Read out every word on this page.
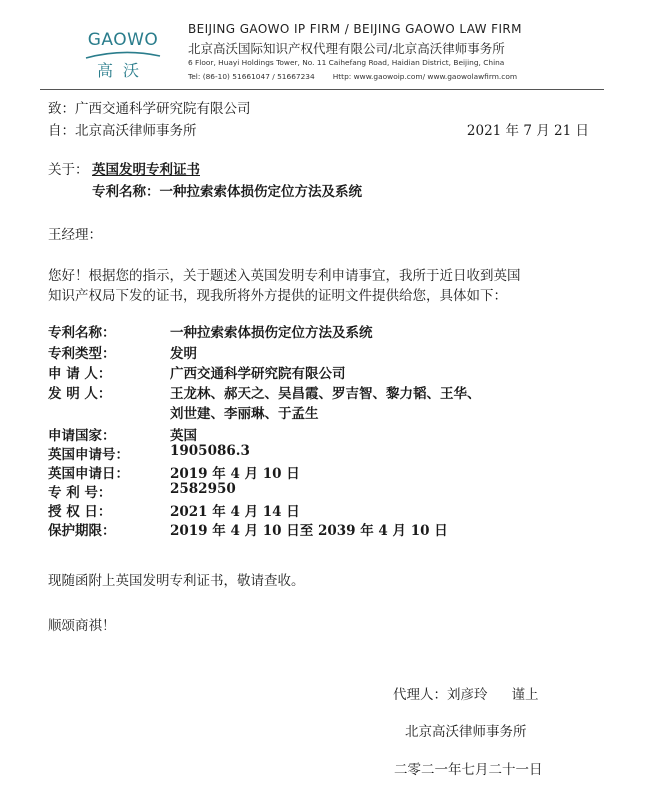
GAOWO
高沃
BEIJING GAOWO IP FIRM / BEIJING GAOWO LAW FIRM
北京高沃国际知识产权代理有限公司/北京高沃律师事务所
6 Floor, Huayi Holdings Tower, No. 11 Caihefang Road, Haidian District, Beijing, China
Tel: (86-10) 51661047 / 51667234 Http: www.gaowoip.com/ www.gaowolawfirm.com
致：广西交通科学研究院有限公司
自：北京高沃律师事务所	2021 年 7 月 21 日
关于： 英国发明专利证书
专利名称：一种拉索索体损伤定位方法及系统
王经理：
您好！根据您的指示，关于题述入英国发明专利申请事宜，我所于近日收到英国
知识产权局下发的证书，现我所将外方提供的证明文件提供给您，具体如下：
专利名称：	一种拉索索体损伤定位方法及系统
专利类型：	发明
申 请 人：	广西交通科学研究院有限公司
发 明 人：	王龙林、郝天之、吴昌霞、罗吉智、黎力韬、王华、
刘世建、李丽琳、于孟生
申请国家：	英国
英国申请号：	1905086.3
英国申请日：	2019 年 4 月 10 日
专 利 号：	2582950
授 权 日：	2021 年 4 月 14 日
保护期限：	2019 年 4 月 10 日至 2039 年 4 月 10 日
现随函附上英国发明专利证书，敬请查收。
顺颂商祺！
代理人：刘彦玲 谨上
北京高沃律师事务所
二零二一年七月二十一日
